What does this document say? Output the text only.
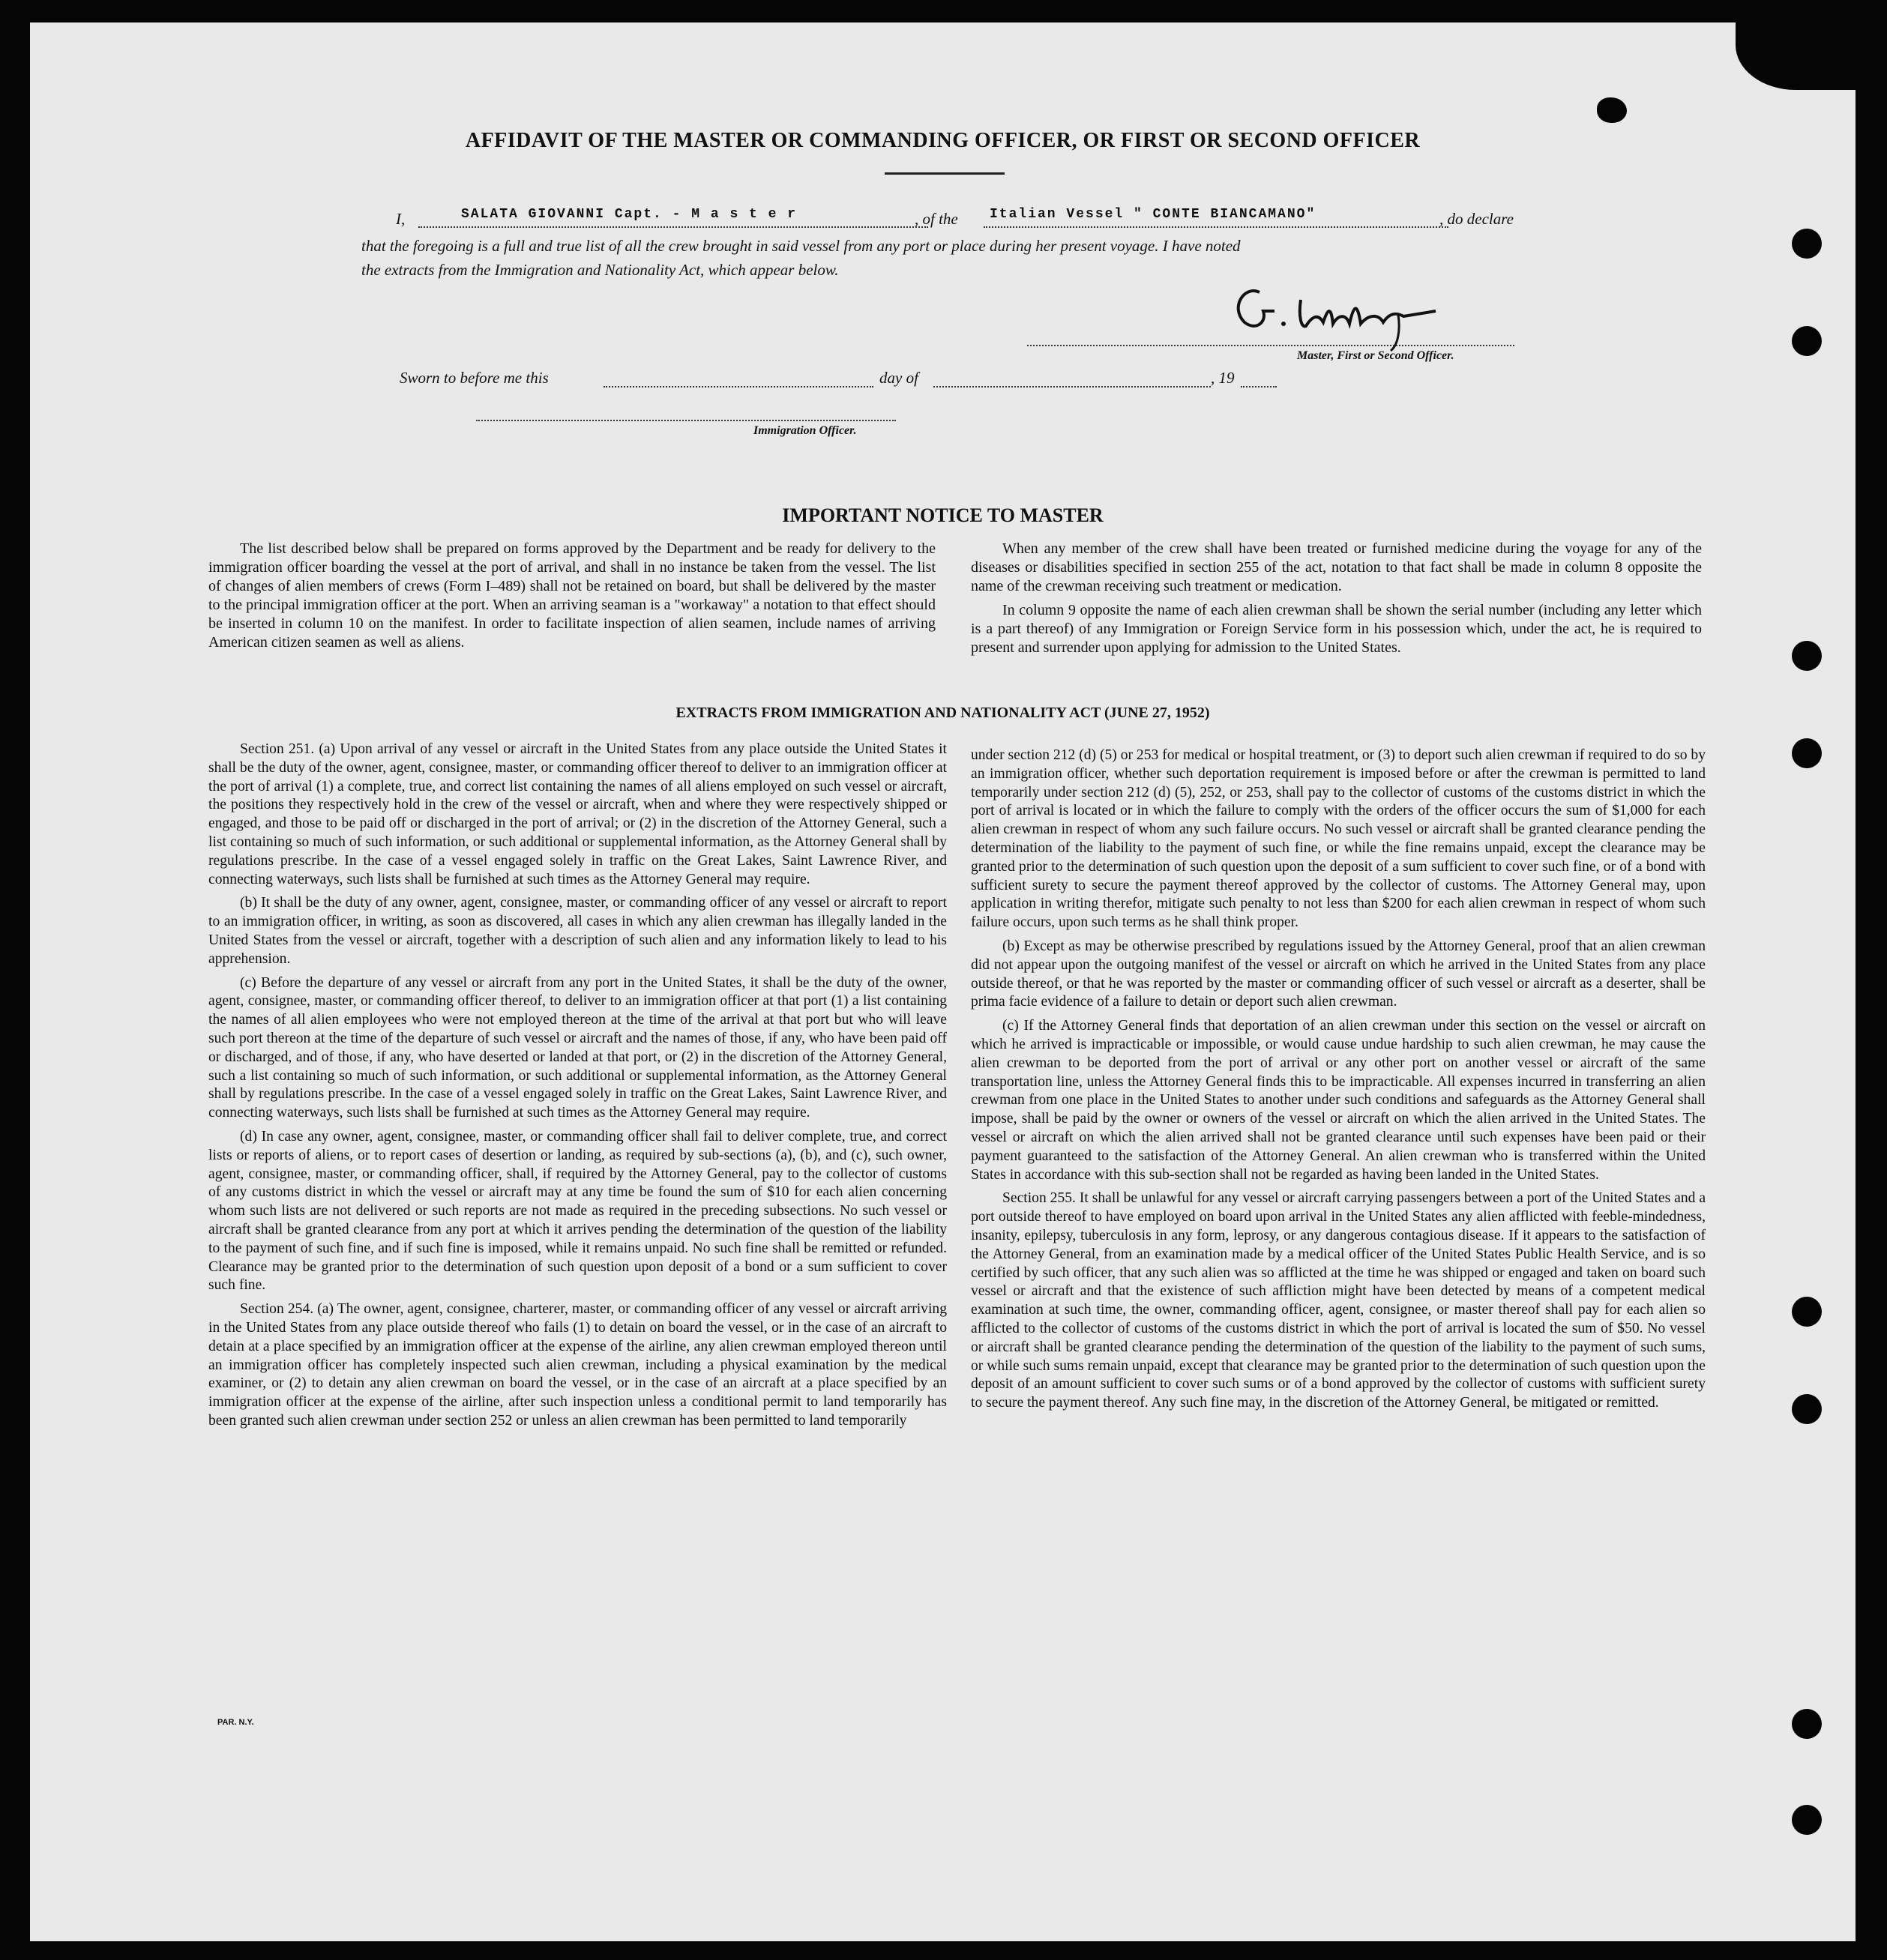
AFFIDAVIT OF THE MASTER OR COMMANDING OFFICER, OR FIRST OR SECOND OFFICER
I,	SALATA GIOVANNI Capt. - M a s t e r	, of the Italian Vessel " CONTE BIANCAMANO"	, do declare
that the foregoing is a full and true list of all the crew brought in said vessel from any port or place during her present voyage. I have noted
the extracts from the Immigration and Nationality Act, which appear below.
Master, First or Second Officer.
Sworn to before me this	day of	, 19
Immigration Officer.
IMPORTANT NOTICE TO MASTER

The list described below shall be prepared on forms approved by the Department and be ready for delivery to the immigration officer boarding the vessel at the port of arrival, and shall in no instance be taken from the vessel. The list of changes of alien members of crews (Form I–489) shall not be retained on board, but shall be delivered by the master to the principal immigration officer at the port. When an arriving seaman is a "workaway" a notation to that effect should be inserted in column 10 on the manifest. In order to facilitate inspection of alien seamen, include names of arriving American citizen seamen as well as aliens.

When any member of the crew shall have been treated or furnished medicine during the voyage for any of the diseases or disabilities specified in section 255 of the act, notation to that fact shall be made in column 8 opposite the name of the crewman receiving such treatment or medication.

In column 9 opposite the name of each alien crewman shall be shown the serial number (including any letter which is a part thereof) of any Immigration or Foreign Service form in his possession which, under the act, he is required to present and surrender upon applying for admission to the United States.

EXTRACTS FROM IMMIGRATION AND NATIONALITY ACT (JUNE 27, 1952)

Section 251. (a) Upon arrival of any vessel or aircraft in the United States from any place outside the United States it shall be the duty of the owner, agent, consignee, master, or commanding officer thereof to deliver to an immigration officer at the port of arrival (1) a complete, true, and correct list containing the names of all aliens employed on such vessel or aircraft, the positions they respectively hold in the crew of the vessel or aircraft, when and where they were respectively shipped or engaged, and those to be paid off or discharged in the port of arrival; or (2) in the discretion of the Attorney General, such a list containing so much of such information, or such additional or supplemental information, as the Attorney General shall by regulations prescribe. In the case of a vessel engaged solely in traffic on the Great Lakes, Saint Lawrence River, and connecting waterways, such lists shall be furnished at such times as the Attorney General may require.

(b) It shall be the duty of any owner, agent, consignee, master, or commanding officer of any vessel or aircraft to report to an immigration officer, in writing, as soon as discovered, all cases in which any alien crewman has illegally landed in the United States from the vessel or aircraft, together with a description of such alien and any information likely to lead to his apprehension.

(c) Before the departure of any vessel or aircraft from any port in the United States, it shall be the duty of the owner, agent, consignee, master, or commanding officer thereof, to deliver to an immigration officer at that port (1) a list containing the names of all alien employees who were not employed thereon at the time of the arrival at that port but who will leave such port thereon at the time of the departure of such vessel or aircraft and the names of those, if any, who have been paid off or discharged, and of those, if any, who have deserted or landed at that port, or (2) in the discretion of the Attorney General, such a list containing so much of such information, or such additional or supplemental information, as the Attorney General shall by regulations prescribe. In the case of a vessel engaged solely in traffic on the Great Lakes, Saint Lawrence River, and connecting waterways, such lists shall be furnished at such times as the Attorney General may require.

(d) In case any owner, agent, consignee, master, or commanding officer shall fail to deliver complete, true, and correct lists or reports of aliens, or to report cases of desertion or landing, as required by sub-sections (a), (b), and (c), such owner, agent, consignee, master, or commanding officer, shall, if required by the Attorney General, pay to the collector of customs of any customs district in which the vessel or aircraft may at any time be found the sum of $10 for each alien concerning whom such lists are not delivered or such reports are not made as required in the preceding subsections. No such vessel or aircraft shall be granted clearance from any port at which it arrives pending the determination of the question of the liability to the payment of such fine, and if such fine is imposed, while it remains unpaid. No such fine shall be remitted or refunded. Clearance may be granted prior to the determination of such question upon deposit of a bond or a sum sufficient to cover such fine.

Section 254. (a) The owner, agent, consignee, charterer, master, or commanding officer of any vessel or aircraft arriving in the United States from any place outside thereof who fails (1) to detain on board the vessel, or in the case of an aircraft to detain at a place specified by an immigration officer at the expense of the airline, any alien crewman employed thereon until an immigration officer has completely inspected such alien crewman, including a physical examination by the medical examiner, or (2) to detain any alien crewman on board the vessel, or in the case of an aircraft at a place specified by an immigration officer at the expense of the airline, after such inspection unless a conditional permit to land temporarily has been granted such alien crewman under section 252 or unless an alien crewman has been permitted to land temporarily

under section 212 (d) (5) or 253 for medical or hospital treatment, or (3) to deport such alien crewman if required to do so by an immigration officer, whether such deportation requirement is imposed before or after the crewman is permitted to land temporarily under section 212 (d) (5), 252, or 253, shall pay to the collector of customs of the customs district in which the port of arrival is located or in which the failure to comply with the orders of the officer occurs the sum of $1,000 for each alien crewman in respect of whom any such failure occurs. No such vessel or aircraft shall be granted clearance pending the determination of the liability to the payment of such fine, or while the fine remains unpaid, except the clearance may be granted prior to the determination of such question upon the deposit of a sum sufficient to cover such fine, or of a bond with sufficient surety to secure the payment thereof approved by the collector of customs. The Attorney General may, upon application in writing therefor, mitigate such penalty to not less than $200 for each alien crewman in respect of whom such failure occurs, upon such terms as he shall think proper.

(b) Except as may be otherwise prescribed by regulations issued by the Attorney General, proof that an alien crewman did not appear upon the outgoing manifest of the vessel or aircraft on which he arrived in the United States from any place outside thereof, or that he was reported by the master or commanding officer of such vessel or aircraft as a deserter, shall be prima facie evidence of a failure to detain or deport such alien crewman.

(c) If the Attorney General finds that deportation of an alien crewman under this section on the vessel or aircraft on which he arrived is impracticable or impossible, or would cause undue hardship to such alien crewman, he may cause the alien crewman to be deported from the port of arrival or any other port on another vessel or aircraft of the same transportation line, unless the Attorney General finds this to be impracticable. All expenses incurred in transferring an alien crewman from one place in the United States to another under such conditions and safeguards as the Attorney General shall impose, shall be paid by the owner or owners of the vessel or aircraft on which the alien arrived in the United States. The vessel or aircraft on which the alien arrived shall not be granted clearance until such expenses have been paid or their payment guaranteed to the satisfaction of the Attorney General. An alien crewman who is transferred within the United States in accordance with this sub-section shall not be regarded as having been landed in the United States.

Section 255. It shall be unlawful for any vessel or aircraft carrying passengers between a port of the United States and a port outside thereof to have employed on board upon arrival in the United States any alien afflicted with feeble-mindedness, insanity, epilepsy, tuberculosis in any form, leprosy, or any dangerous contagious disease. If it appears to the satisfaction of the Attorney General, from an examination made by a medical officer of the United States Public Health Service, and is so certified by such officer, that any such alien was so afflicted at the time he was shipped or engaged and taken on board such vessel or aircraft and that the existence of such affliction might have been detected by means of a competent medical examination at such time, the owner, commanding officer, agent, consignee, or master thereof shall pay for each alien so afflicted to the collector of customs of the customs district in which the port of arrival is located the sum of $50. No vessel or aircraft shall be granted clearance pending the determination of the question of the liability to the payment of such sums, or while such sums remain unpaid, except that clearance may be granted prior to the determination of such question upon the deposit of an amount sufficient to cover such sums or of a bond approved by the collector of customs with sufficient surety to secure the payment thereof. Any such fine may, in the discretion of the Attorney General, be mitigated or remitted.

PAR. N.Y.
